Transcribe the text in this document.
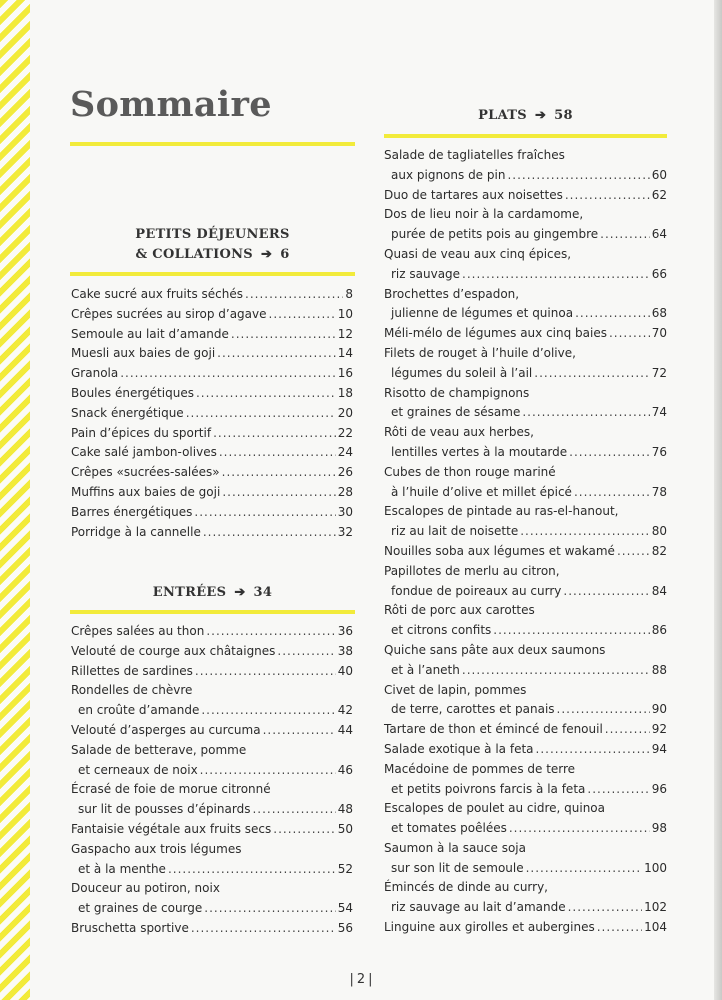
Sommaire
PETITS DÉJEUNERS
& COLLATIONS ➔ 6
Cake sucré aux fruits séchés .....	8
Crêpes sucrées au sirop d’agave .....	10
Semoule au lait d’amande .....	12
Muesli aux baies de goji .....	14
Granola .....	16
Boules énergétiques .....	18
Snack énergétique .....	20
Pain d’épices du sportif .....	22
Cake salé jambon-olives .....	24
Crêpes «sucrées-salées» .....	26
Muffins aux baies de goji .....	28
Barres énergétiques .....	30
Porridge à la cannelle .....	32
ENTRÉES ➔ 34
Crêpes salées au thon .....	36
Velouté de courge aux châtaignes .....	38
Rillettes de sardines .....	40
Rondelles de chèvre
en croûte d’amande .....	42
Velouté d’asperges au curcuma .....	44
Salade de betterave, pomme
et cerneaux de noix .....	46
Écrasé de foie de morue citronné
sur lit de pousses d’épinards .....	48
Fantaisie végétale aux fruits secs .....	50
Gaspacho aux trois légumes
et à la menthe .....	52
Douceur au potiron, noix
et graines de courge .....	54
Bruschetta sportive .....	56
PLATS ➔ 58
Salade de tagliatelles fraîches
aux pignons de pin .....	60
Duo de tartares aux noisettes .....	62
Dos de lieu noir à la cardamome,
purée de petits pois au gingembre .....	64
Quasi de veau aux cinq épices,
riz sauvage .....	66
Brochettes d’espadon,
julienne de légumes et quinoa .....	68
Méli-mélo de légumes aux cinq baies .....	70
Filets de rouget à l’huile d’olive,
légumes du soleil à l’ail .....	72
Risotto de champignons
et graines de sésame .....	74
Rôti de veau aux herbes,
lentilles vertes à la moutarde .....	76
Cubes de thon rouge mariné
à l’huile d’olive et millet épicé .....	78
Escalopes de pintade au ras-el-hanout,
riz au lait de noisette .....	80
Nouilles soba aux légumes et wakamé .....	82
Papillotes de merlu au citron,
fondue de poireaux au curry .....	84
Rôti de porc aux carottes
et citrons confits .....	86
Quiche sans pâte aux deux saumons
et à l’aneth .....	88
Civet de lapin, pommes
de terre, carottes et panais .....	90
Tartare de thon et émincé de fenouil .....	92
Salade exotique à la feta .....	94
Macédoine de pommes de terre
et petits poivrons farcis à la feta .....	96
Escalopes de poulet au cidre, quinoa
et tomates poêlées .....	98
Saumon à la sauce soja
sur son lit de semoule .....	100
Émincés de dinde au curry,
riz sauvage au lait d’amande .....	102
Linguine aux girolles et aubergines .....	104
| 2 |
